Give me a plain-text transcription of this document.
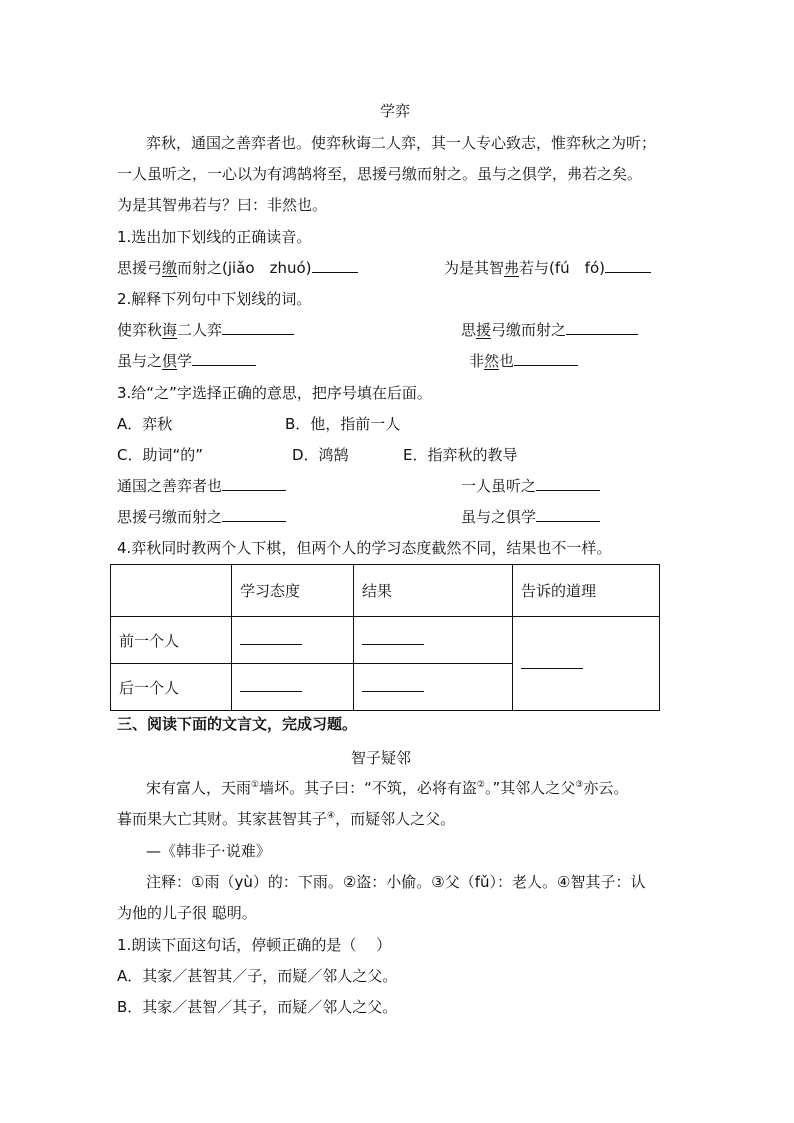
学弈
弈秋，通国之善弈者也。使弈秋诲二人弈，其一人专心致志，惟弈秋之为听；
一人虽听之，一心以为有鸿鹄将至，思援弓缴而射之。虽与之俱学，弗若之矣。
为是其智弗若与？曰：非然也。
1.选出加下划线的正确读音。
思援弓缴而射之(jiǎo　zhuó)	为是其智弗若与(fú　fó)
2.解释下列句中下划线的词。
使弈秋诲二人弈	思援弓缴而射之
虽与之俱学	非然也
3.给“之”字选择正确的意思，把序号填在后面。
A．弈秋	B．他，指前一人
C．助词“的”	D．鸿鹄	E．指弈秋的教导
通国之善弈者也	一人虽听之
思援弓缴而射之	虽与之俱学
4.弈秋同时教两个人下棋，但两个人的学习态度截然不同，结果也不一样。
	学习态度	结果	告诉的道理
前一个人			
后一个人			
三、阅读下面的文言文，完成习题。
智子疑邻
宋有富人，天雨①墙坏。其子曰：“不筑，必将有盗②。”其邻人之父③亦云。
暮而果大亡其财。其家甚智其子④，而疑邻人之父。
—《韩非子·说难》
注释：①雨（yù）的：下雨。②盗：小偷。③父（fǔ）：老人。④智其子：认
为他的儿子很 聪明。
1.朗读下面这句话，停顿正确的是（　 ）
A．其家／甚智其／子，而疑／邻人之父。
B．其家／甚智／其子，而疑／邻人之父。
